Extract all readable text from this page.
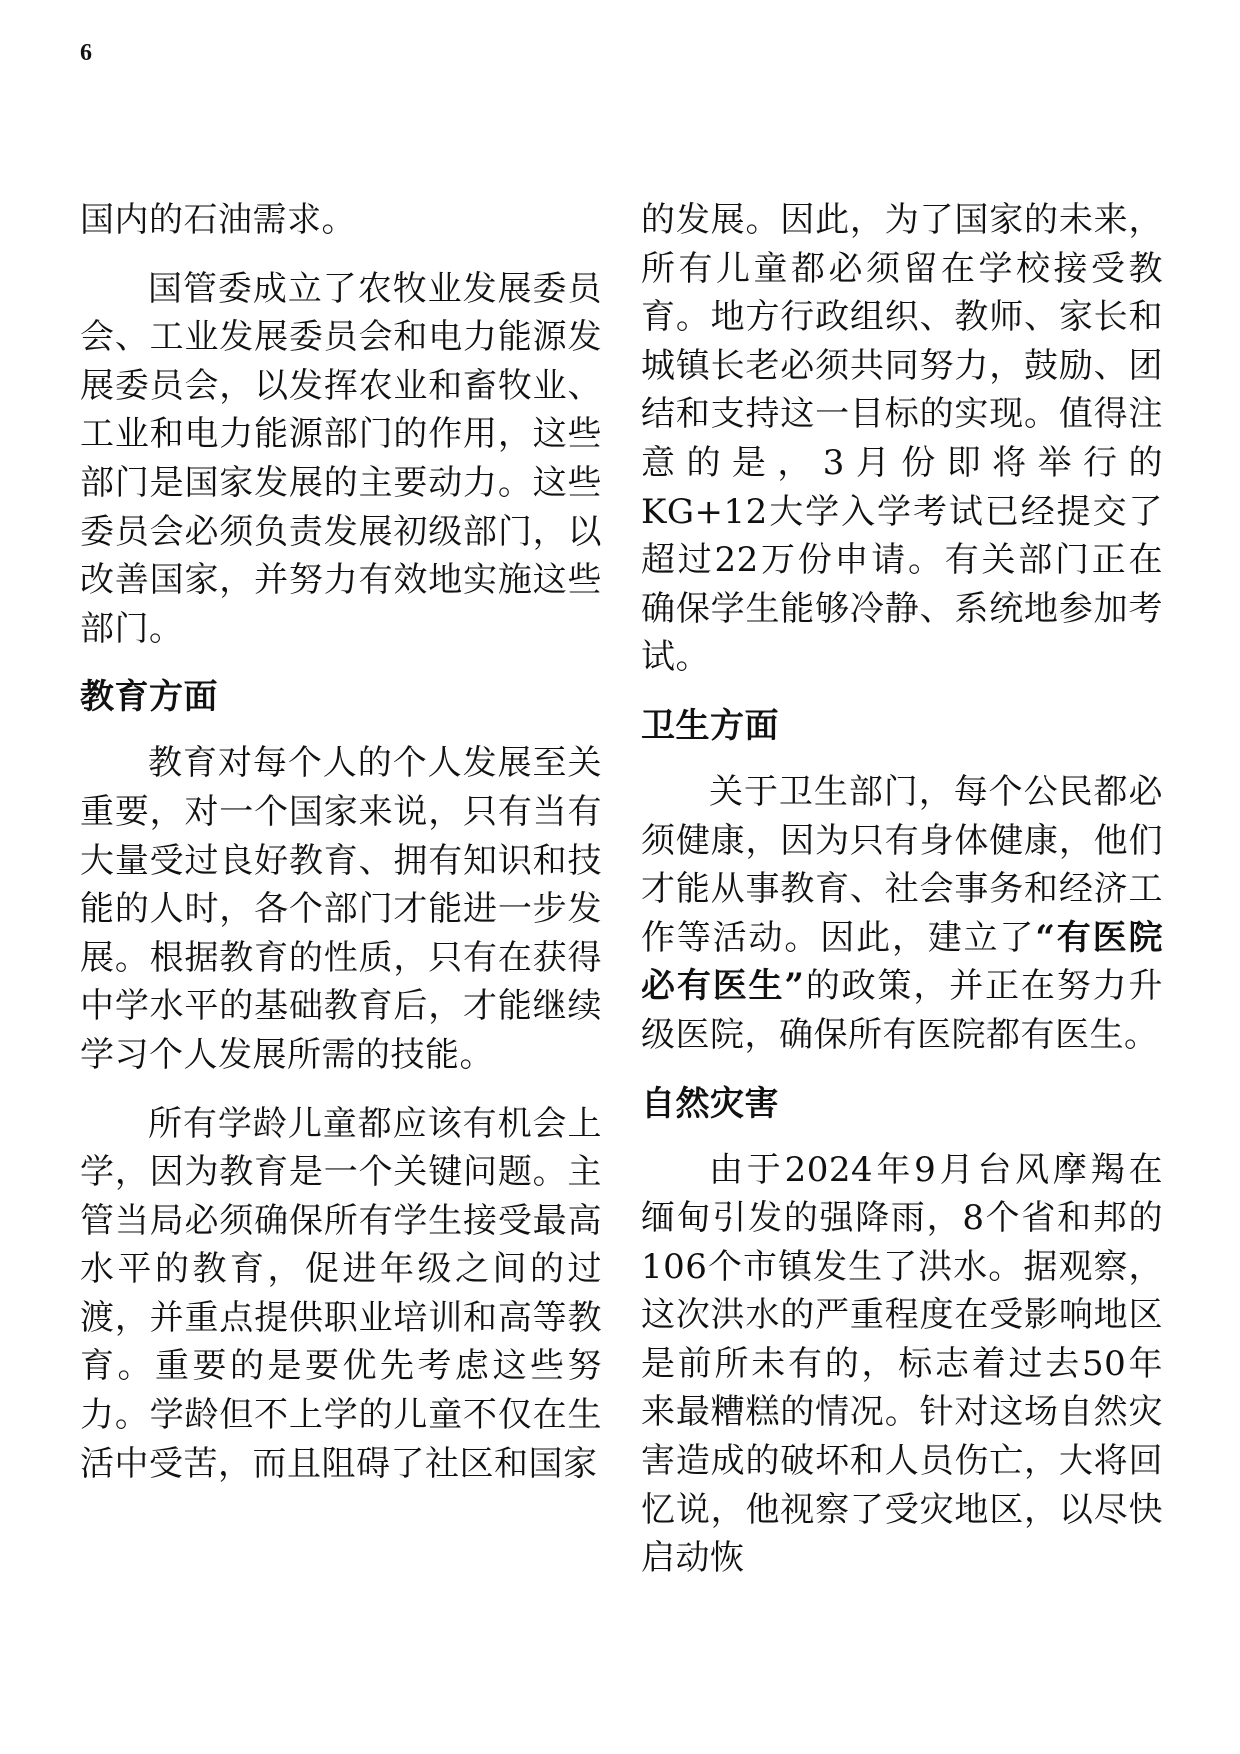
6

国内的石油需求。

国管委成立了农牧业发展委员会、工业发展委员会和电力能源发展委员会，以发挥农业和畜牧业、工业和电力能源部门的作用，这些部门是国家发展的主要动力。这些委员会必须负责发展初级部门，以改善国家，并努力有效地实施这些部门。

教育方面

教育对每个人的个人发展至关重要，对一个国家来说，只有当有大量受过良好教育、拥有知识和技能的人时，各个部门才能进一步发展。根据教育的性质，只有在获得中学水平的基础教育后，才能继续学习个人发展所需的技能。

所有学龄儿童都应该有机会上学，因为教育是一个关键问题。主管当局必须确保所有学生接受最高水平的教育，促进年级之间的过渡，并重点提供职业培训和高等教育。重要的是要优先考虑这些努力。学龄但不上学的儿童不仅在生活中受苦，而且阻碍了社区和国家

的发展。因此，为了国家的未来，所有儿童都必须留在学校接受教育。地方行政组织、教师、家长和城镇长老必须共同努力，鼓励、团结和支持这一目标的实现。值得注意的是，3月份即将举行的KG+12大学入学考试已经提交了超过22万份申请。有关部门正在确保学生能够冷静、系统地参加考试。

卫生方面

关于卫生部门，每个公民都必须健康，因为只有身体健康，他们才能从事教育、社会事务和经济工作等活动。因此，建立了“有医院必有医生”的政策，并正在努力升级医院，确保所有医院都有医生。

自然灾害

由于2024年9月台风摩羯在缅甸引发的强降雨，8个省和邦的106个市镇发生了洪水。据观察，这次洪水的严重程度在受影响地区是前所未有的，标志着过去50年来最糟糕的情况。针对这场自然灾害造成的破坏和人员伤亡，大将回忆说，他视察了受灾地区，以尽快启动恢
